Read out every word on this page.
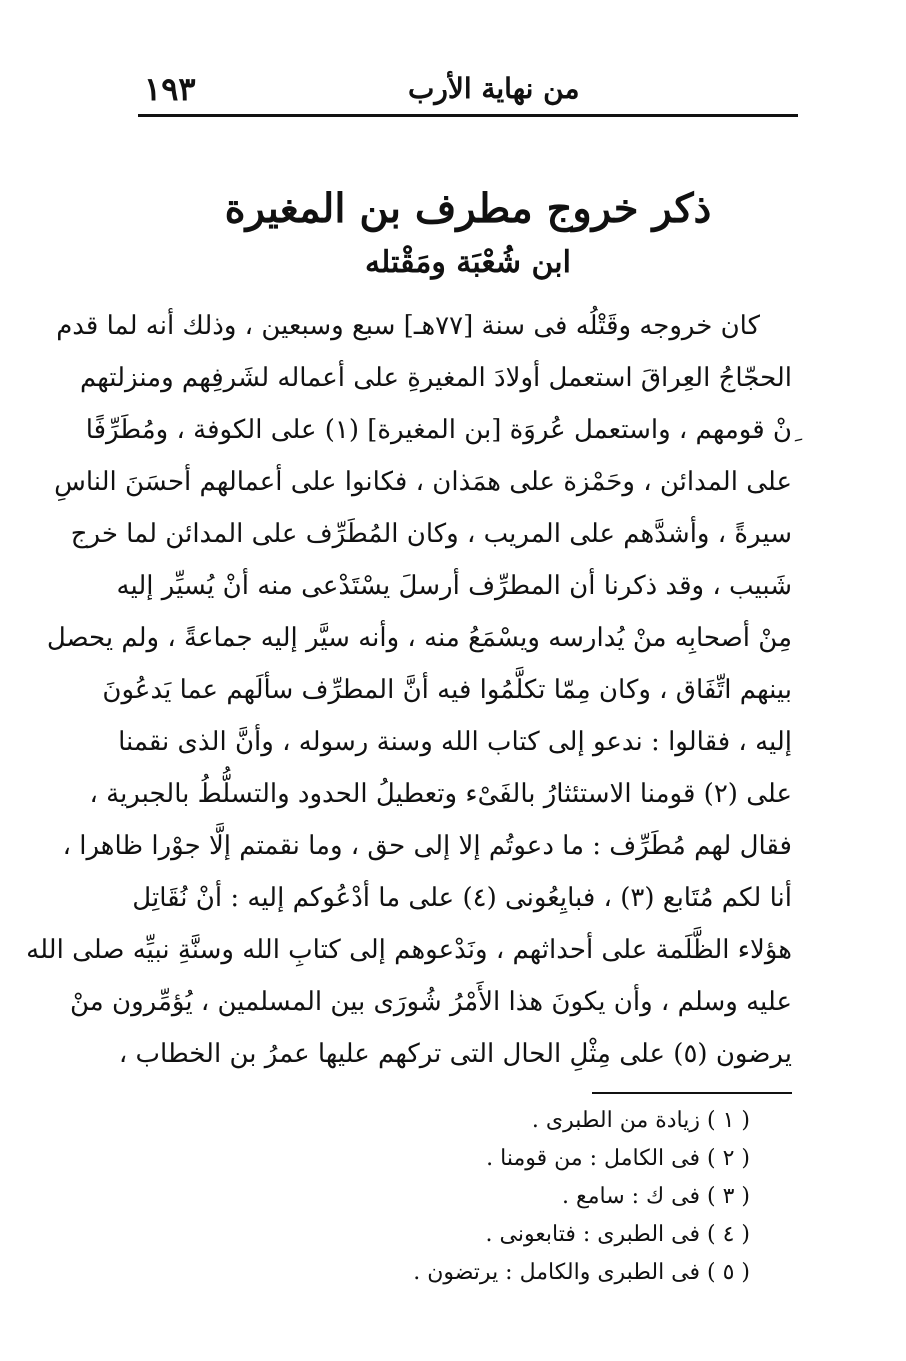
١٩٣	من نهاية الأرب
ذكر خروج مطرف بن المغيرة
ابن شُعْبَة ومَقْتله
كان خروجه وقَتْلُه فى سنة [٧٧هـ] سبع وسبعين ، وذلك أنه لما قدم
الحجّاجُ العِراقَ استعمل أولادَ المغيرةِ على أعماله لشَرفِهم ومنزلتهم
ِنْ قومهم ، واستعمل عُروَة [بن المغيرة] (١) على الكوفة ، ومُطَرِّفًا
على المدائن ، وحَمْزة على همَذان ، فكانوا على أعمالهم أحسَنَ الناسِ
سيرةً ، وأشدَّهم على المريب ، وكان المُطَرِّف على المدائن لما خرج
شَبيب ، وقد ذكرنا أن المطرِّف أرسلَ يسْتَدْعى منه أنْ يُسيِّر إليه
مِنْ أصحابِه منْ يُدارسه ويسْمَعُ منه ، وأنه سيَّر إليه جماعةً ، ولم يحصل
بينهم اتِّفَاق ، وكان مِمّا تكلَّمُوا فيه أنَّ المطرِّف سألَهم عما يَدعُونَ
إليه ، فقالوا : ندعو إلى كتاب الله وسنة رسوله ، وأنَّ الذى نقمنا
على (٢) قومنا الاستئثارُ بالفَىْء وتعطيلُ الحدود والتسلُّطُ بالجبرية ،
فقال لهم مُطَرِّف : ما دعوتُم إلا إلى حق ، وما نقمتم إلَّا جوْرا ظاهرا ،
أنا لكم مُتَابع (٣) ، فبايِعُونى (٤) على ما أدْعُوكم إليه : أنْ نُقَاتِل
هؤلاء الظَّلَمة على أحداثهم ، ونَدْعوهم إلى كتابِ الله وسنَّةِ نبيِّه صلى الله
عليه وسلم ، وأن يكونَ هذا الأَمْرُ شُورَى بين المسلمين ، يُؤمِّرون منْ
يرضون (٥) على مِثْلِ الحال التى تركهم عليها عمرُ بن الخطاب ،
( ١ ) زيادة من الطبرى .
( ٢ ) فى الكامل : من قومنا .
( ٣ ) فى ك : سامع .
( ٤ ) فى الطبرى : فتابعونى .
( ٥ ) فى الطبرى والكامل : يرتضون .
